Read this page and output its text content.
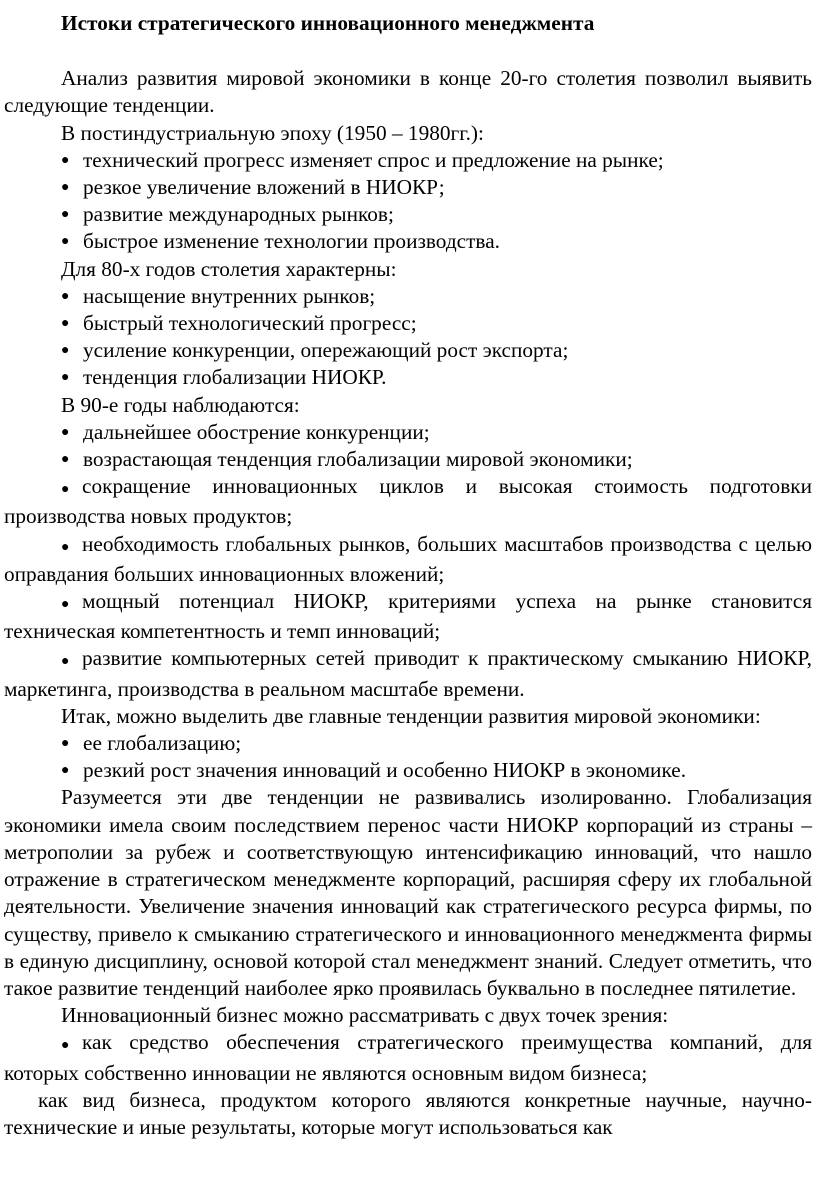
Истоки стратегического инновационного менеджмента

Анализ развития мировой экономики в конце 20-го столетия позволил выявить следующие тенденции.

В постиндустриальную эпоху (1950 – 1980гг.):

● технический прогресс изменяет спрос и предложение на рынке;

● резкое увеличение вложений в НИОКР;

● развитие международных рынков;

● быстрое изменение технологии производства.

Для 80-х годов столетия характерны:

● насыщение внутренних рынков;

● быстрый технологический прогресс;

● усиление конкуренции, опережающий рост экспорта;

● тенденция глобализации НИОКР.

В 90-е годы наблюдаются:

● дальнейшее обострение конкуренции;

● возрастающая тенденция глобализации мировой экономики;

● сокращение инновационных циклов и высокая стоимость подготовки производства новых продуктов;

● необходимость глобальных рынков, больших масштабов производства с целью оправдания больших инновационных вложений;

● мощный потенциал НИОКР, критериями успеха на рынке становится техническая компетентность и темп инноваций;

● развитие компьютерных сетей приводит к практическому смыканию НИОКР, маркетинга, производства в реальном масштабе времени.

Итак, можно выделить две главные тенденции развития мировой экономики:

● ее глобализацию;

● резкий рост значения инноваций и особенно НИОКР в экономике.

Разумеется эти две тенденции не развивались изолированно. Глобализация экономики имела своим последствием перенос части НИОКР корпораций из страны – метрополии за рубеж и соответствующую интенсификацию инноваций, что нашло отражение в стратегическом менеджменте корпораций, расширяя сферу их глобальной деятельности. Увеличение значения инноваций как стратегического ресурса фирмы, по существу, привело к смыканию стратегического и инновационного менеджмента фирмы в единую дисциплину, основой которой стал менеджмент знаний. Следует отметить, что такое развитие тенденций наиболее ярко проявилась буквально в последнее пятилетие.

Инновационный бизнес можно рассматривать с двух точек зрения:

● как средство обеспечения стратегического преимущества компаний, для которых собственно инновации не являются основным видом бизнеса;

как вид бизнеса, продуктом которого являются конкретные научные, научно-технические и иные результаты, которые могут использоваться как
